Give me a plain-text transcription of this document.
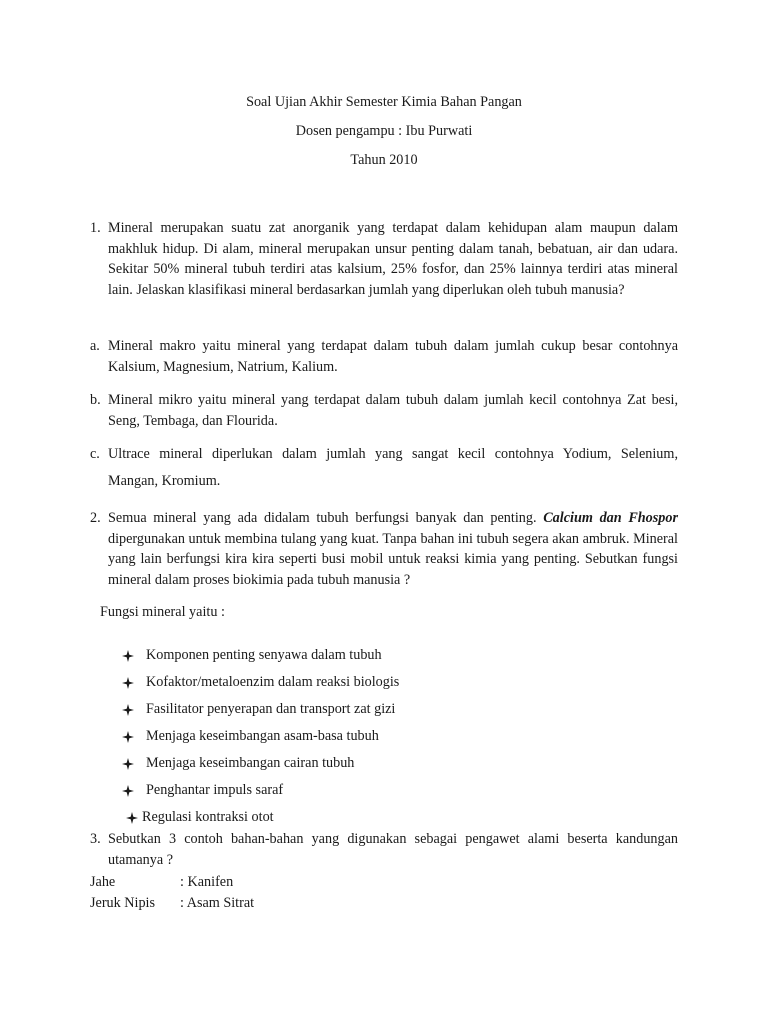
Soal Ujian Akhir Semester Kimia Bahan Pangan
Dosen pengampu : Ibu Purwati
Tahun 2010
1. Mineral merupakan suatu zat anorganik yang terdapat dalam kehidupan alam maupun dalam makhluk hidup. Di alam, mineral merupakan unsur penting dalam tanah, bebatuan, air dan udara. Sekitar 50% mineral tubuh terdiri atas kalsium, 25% fosfor, dan 25% lainnya terdiri atas mineral lain. Jelaskan klasifikasi mineral berdasarkan jumlah yang diperlukan oleh tubuh manusia?
a. Mineral makro yaitu mineral yang terdapat dalam tubuh dalam jumlah cukup besar contohnya Kalsium, Magnesium, Natrium, Kalium.
b. Mineral mikro yaitu mineral yang terdapat dalam tubuh dalam jumlah kecil contohnya Zat besi, Seng, Tembaga, dan Flourida.
c. Ultrace mineral diperlukan dalam jumlah yang sangat kecil contohnya Yodium, Selenium,
Mangan, Kromium.
2. Semua mineral yang ada didalam tubuh berfungsi banyak dan penting. Calcium dan Fhospor dipergunakan untuk membina tulang yang kuat. Tanpa bahan ini tubuh segera akan ambruk. Mineral yang lain berfungsi kira kira seperti busi mobil untuk reaksi kimia yang penting. Sebutkan fungsi mineral dalam proses biokimia pada tubuh manusia ?
Fungsi mineral yaitu :
Komponen penting senyawa dalam tubuh
Kofaktor/metaloenzim dalam reaksi biologis
Fasilitator penyerapan dan transport zat gizi
Menjaga keseimbangan asam-basa tubuh
Menjaga keseimbangan cairan tubuh
Penghantar impuls saraf
Regulasi kontraksi otot
3. Sebutkan 3 contoh bahan-bahan yang digunakan sebagai pengawet alami beserta kandungan utamanya ?
Jahe	: Kanifen
Jeruk Nipis : Asam Sitrat
